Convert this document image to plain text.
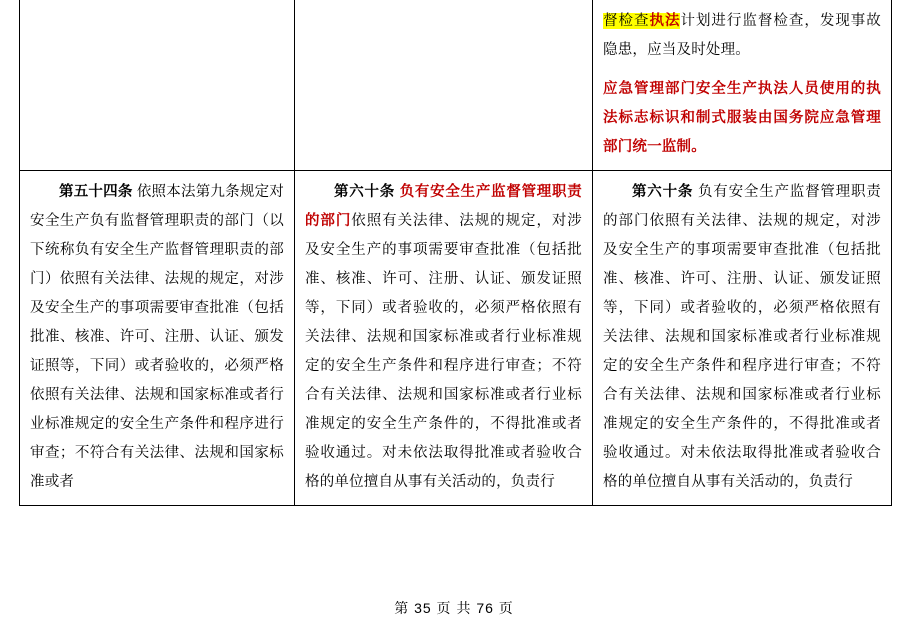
		督检查执法计划进行监督检查，发现事故隐患，应当及时处理。

应急管理部门安全生产执法人员使用的执法标志标识和制式服装由国务院应急管理部门统一监制。

第五十四条 依照本法第九条规定对安全生产负有监督管理职责的部门（以下统称负有安全生产监督管理职责的部门）依照有关法律、法规的规定，对涉及安全生产的事项需要审查批准（包括批准、核准、许可、注册、认证、颁发证照等，下同）或者验收的，必须严格依照有关法律、法规和国家标准或者行业标准规定的安全生产条件和程序进行审查；不符合有关法律、法规和国家标准或者	第六十条 负有安全生产监督管理职责的部门依照有关法律、法规的规定，对涉及安全生产的事项需要审查批准（包括批准、核准、许可、注册、认证、颁发证照等，下同）或者验收的，必须严格依照有关法律、法规和国家标准或者行业标准规定的安全生产条件和程序进行审查；不符合有关法律、法规和国家标准或者行业标准规定的安全生产条件的，不得批准或者验收通过。对未依法取得批准或者验收合格的单位擅自从事有关活动的，负责行	第六十条 负有安全生产监督管理职责的部门依照有关法律、法规的规定，对涉及安全生产的事项需要审查批准（包括批准、核准、许可、注册、认证、颁发证照等，下同）或者验收的，必须严格依照有关法律、法规和国家标准或者行业标准规定的安全生产条件和程序进行审查；不符合有关法律、法规和国家标准或者行业标准规定的安全生产条件的，不得批准或者验收通过。对未依法取得批准或者验收合格的单位擅自从事有关活动的，负责行

第 35 页 共 76 页
